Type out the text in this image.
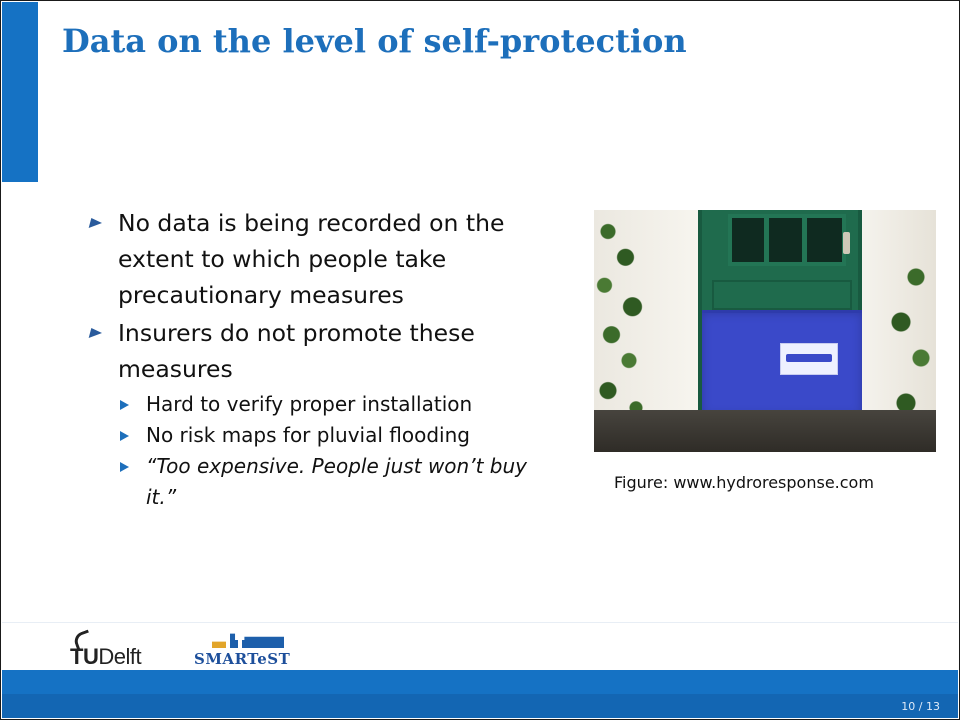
Data on the level of self-protection
No data is being recorded on the extent to which people take precautionary measures
Insurers do not promote these measures
Hard to verify proper installation
No risk maps for pluvial flooding
“Too expensive. People just won’t buy it.”
Figure: www.hydroresponse.com
TUDelft	SMARTeST
10 / 13
